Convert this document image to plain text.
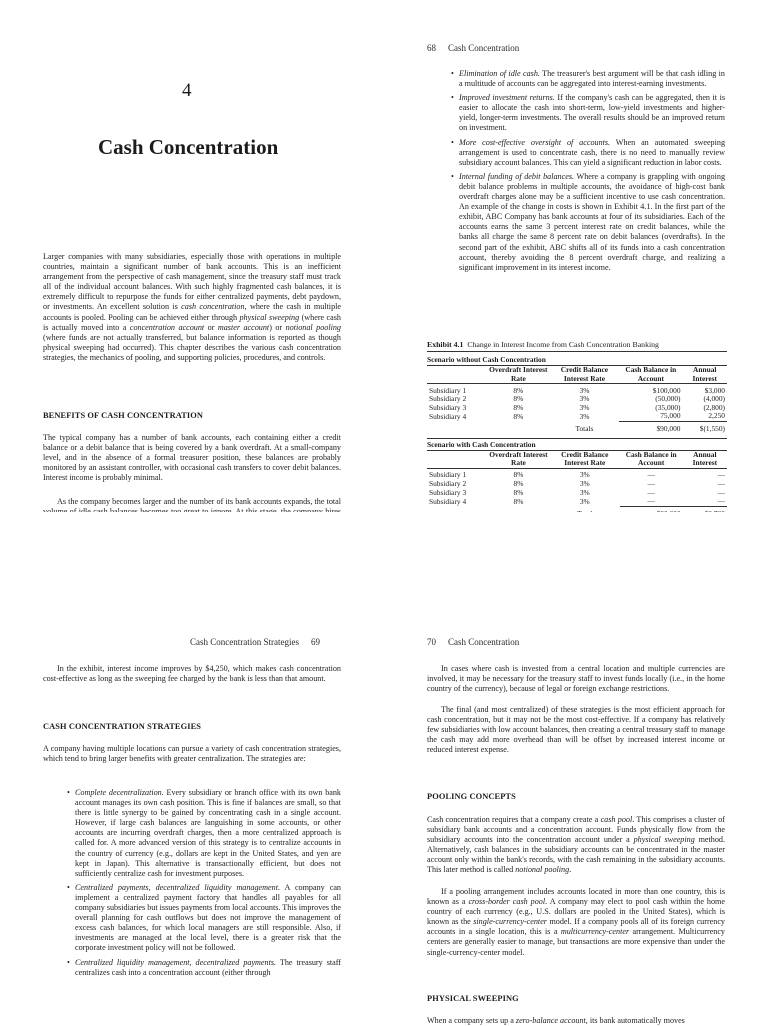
4
Cash Concentration

Larger companies with many subsidiaries, especially those with operations in multiple countries, maintain a significant number of bank accounts. This is an inefficient arrangement from the perspective of cash management, since the treasury staff must track all of the individual account balances. With such highly fragmented cash balances, it is extremely difficult to repurpose the funds for either centralized payments, debt paydown, or investments. An excellent solution is cash concentration, where the cash in multiple accounts is pooled. Pooling can be achieved either through physical sweeping (where cash is actually moved into a concentration account or master account) or notional pooling (where funds are not actually transferred, but balance information is reported as though physical sweeping had occurred). This chapter describes the various cash concentration strategies, the mechanics of pooling, and supporting policies, procedures, and controls.

BENEFITS OF CASH CONCENTRATION

The typical company has a number of bank accounts, each containing either a credit balance or a debit balance that is being covered by a bank overdraft. At a small-company level, and in the absence of a formal treasurer position, these balances are probably monitored by an assistant controller, with occasional cash transfers to cover debit balances. Interest income is probably minimal.

As the company becomes larger and the number of its bank accounts expands, the total

68 Cash Concentration
• Elimination of idle cash. The treasurer's best argument will be that cash idling in a multitude of accounts can be aggregated into interest-earning investments.
• Improved investment returns. If the company's cash can be aggregated, then it is easier to allocate the cash into short-term, low-yield investments and higher-yield, longer-term investments. The overall results should be an improved return on investment.
• More cost-effective oversight of accounts. When an automated sweeping arrangement is used to concentrate cash, there is no need to manually review subsidiary account balances. This can yield a significant reduction in labor costs.
• Internal funding of debit balances. Where a company is grappling with ongoing debit balance problems in multiple accounts, the avoidance of high-cost bank overdraft charges alone may be a sufficient incentive to use cash concentration. An example of the change in costs is shown in Exhibit 4.1. In the first part of the exhibit, ABC Company has bank accounts at four of its subsidiaries. Each of the accounts earns the same 3 percent interest rate on credit balances, while the banks all charge the same 8 percent rate on debit balances (overdrafts). In the second part of the exhibit, ABC shifts all of its funds into a cash concentration account, thereby avoiding the 8 percent overdraft charge, and realizing a significant improvement in its interest income.
Exhibit 4.1 Change in Interest Income from Cash Concentration Banking
Scenario without Cash Concentration
	Overdraft Interest Rate	Credit Balance Interest Rate	Cash Balance in Account	Annual Interest

Subsidiary 1	8%	3%	$100,000	$3,000
Subsidiary 2	8%	3%	(50,000)	(4,000)
Subsidiary 3	8%	3%	(35,000)	(2,800)
Subsidiary 4	8%	3%	75,000	2,250
		Totals	$90,000	$(1,550)
Scenario with Cash Concentration
	Overdraft Interest Rate	Credit Balance Interest Rate	Cash Balance in Account	Annual Interest

Subsidiary 1	8%	3%	—	—
Subsidiary 2	8%	3%	—	—
Subsidiary 3	8%	3%	—	—
Subsidiary 4	8%	3%	—	—

Cash Concentration Strategies 69

In the exhibit, interest income improves by $4,250, which makes cash concentration cost-effective as long as the sweeping fee charged by the bank is less than that amount.

CASH CONCENTRATION STRATEGIES

A company having multiple locations can pursue a variety of cash concentration strategies, which tend to bring larger benefits with greater centralization. The strategies are:

• Complete decentralization. Every subsidiary or branch office with its own bank account manages its own cash position. This is fine if balances are small, so that there is little synergy to be gained by concentrating cash in a single account. However, if large cash balances are languishing in some accounts, or other accounts are incurring overdraft charges, then a more centralized approach is called for. A more advanced version of this strategy is to centralize accounts in the country of currency (e.g., dollars are kept in the United States, and yen are kept in Japan). This alternative is transactionally efficient, but does not sufficiently centralize cash for investment purposes.
• Centralized payments, decentralized liquidity management. A company can implement a centralized payment factory that handles all payables for all company subsidiaries but issues payments from local accounts. This improves the overall planning for cash outflows but does not improve the management of excess cash balances, for which local managers are still responsible. Also, if investments are managed at the local level, there is a greater risk that the corporate investment policy will not be followed.
• Centralized liquidity management, decentralized payments. The treasury staff centralizes cash into a concentration account (either through
70 Cash Concentration

In cases where cash is invested from a central location and multiple currencies are involved, it may be necessary for the treasury staff to invest funds locally (i.e., in the home country of the currency), because of legal or foreign exchange restrictions.

The final (and most centralized) of these strategies is the most efficient approach for cash concentration, but it may not be the most cost-effective. If a company has relatively few subsidiaries with low account balances, then creating a central treasury staff to manage the cash may add more overhead than will be offset by increased interest income or reduced interest expense.

POOLING CONCEPTS

Cash concentration requires that a company create a cash pool. This comprises a cluster of subsidiary bank accounts and a concentration account. Funds physically flow from the subsidiary accounts into the concentration account under a physical sweeping method. Alternatively, cash balances in the subsidiary accounts can be concentrated in the master account only within the bank's records, with the cash remaining in the subsidiary accounts. This later method is called notional pooling.

If a pooling arrangement includes accounts located in more than one country, this is known as a cross-border cash pool. A company may elect to pool cash within the home country of each currency (e.g., U.S. dollars are pooled in the United States), which is known as the single-currency-center model. If a company pools all of its foreign currency accounts in a single location, this is a multicurrency-center arrangement. Multicurrency centers are generally easier to manage, but transactions are more expensive than under the single-currency-center model.

PHYSICAL SWEEPING

When a company sets up a zero-balance account, its bank automatically moves
